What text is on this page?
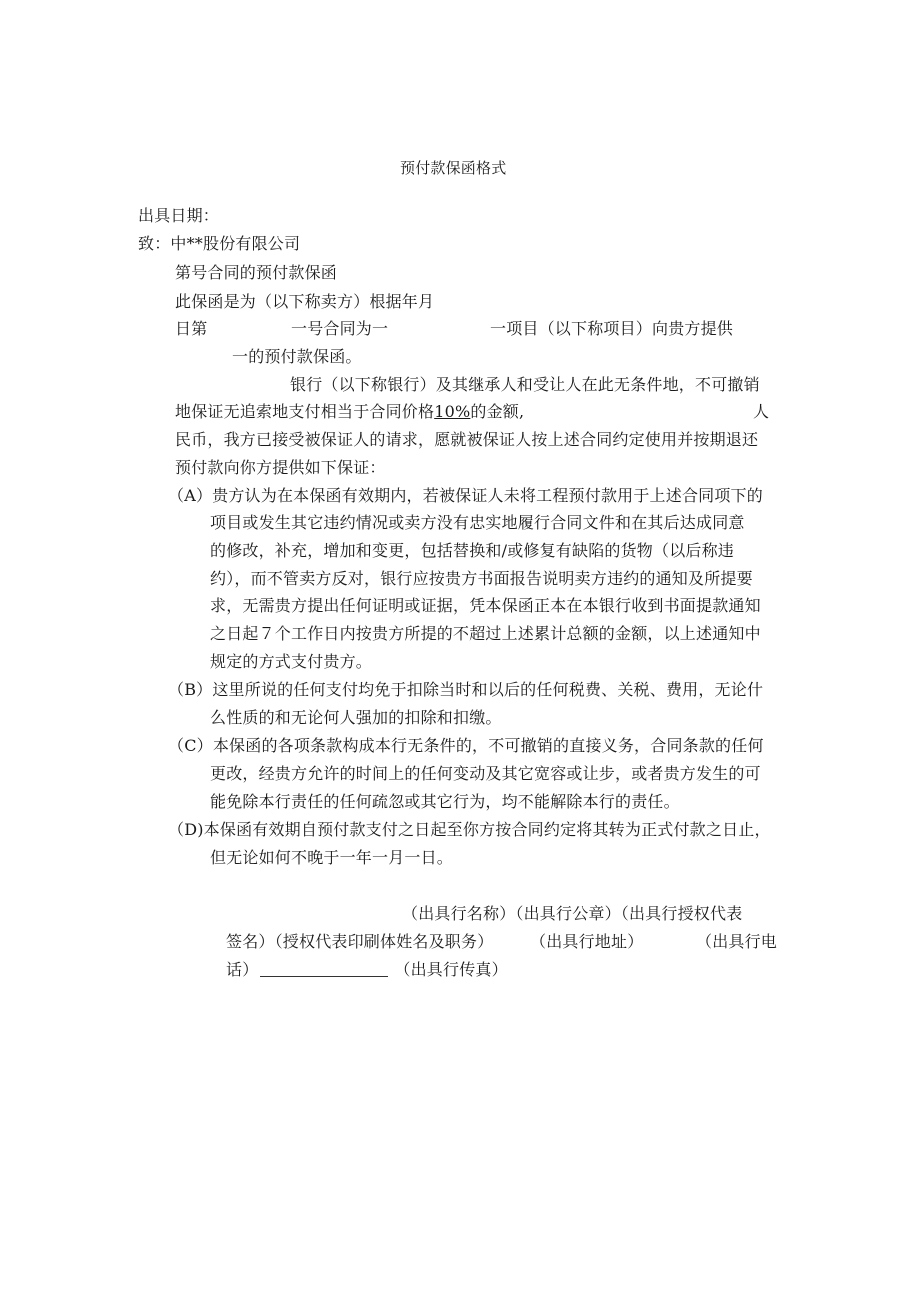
预付款保函格式
出具日期：
致：中**股份有限公司
第号合同的预付款保函
此保函是为（以下称卖方）根据年月
日第	一号合同为一	一项目（以下称项目）向贵方提供
一的预付款保函。
银行（以下称银行）及其继承人和受让人在此无条件地，不可撤销
地保证无追索地支付相当于合同价格10%的金额,	人
民币，我方已接受被保证人的请求，愿就被保证人按上述合同约定使用并按期退还
预付款向你方提供如下保证：
（A）贵方认为在本保函有效期内，若被保证人未将工程预付款用于上述合同项下的
项目或发生其它违约情况或卖方没有忠实地履行合同文件和在其后达成同意
的修改，补充，增加和变更，包括替换和/或修复有缺陷的货物（以后称违
约），而不管卖方反对，银行应按贵方书面报告说明卖方违约的通知及所提要
求，无需贵方提出任何证明或证据，凭本保函正本在本银行收到书面提款通知
之日起７个工作日内按贵方所提的不超过上述累计总额的金额，以上述通知中
规定的方式支付贵方。
（B）这里所说的任何支付均免于扣除当时和以后的任何税费、关税、费用，无论什
么性质的和无论何人强加的扣除和扣缴。
（C）本保函的各项条款构成本行无条件的，不可撤销的直接义务，合同条款的任何
更改，经贵方允许的时间上的任何变动及其它宽容或让步，或者贵方发生的可
能免除本行责任的任何疏忽或其它行为，均不能解除本行的责任。
（D)本保函有效期自预付款支付之日起至你方按合同约定将其转为正式付款之日止，
但无论如何不晚于一年一月一日。
（出具行名称）（出具行公章）（出具行授权代表
签名）（授权代表印刷体姓名及职务） （出具行地址）	（出具行电
话）	（出具行传真）
